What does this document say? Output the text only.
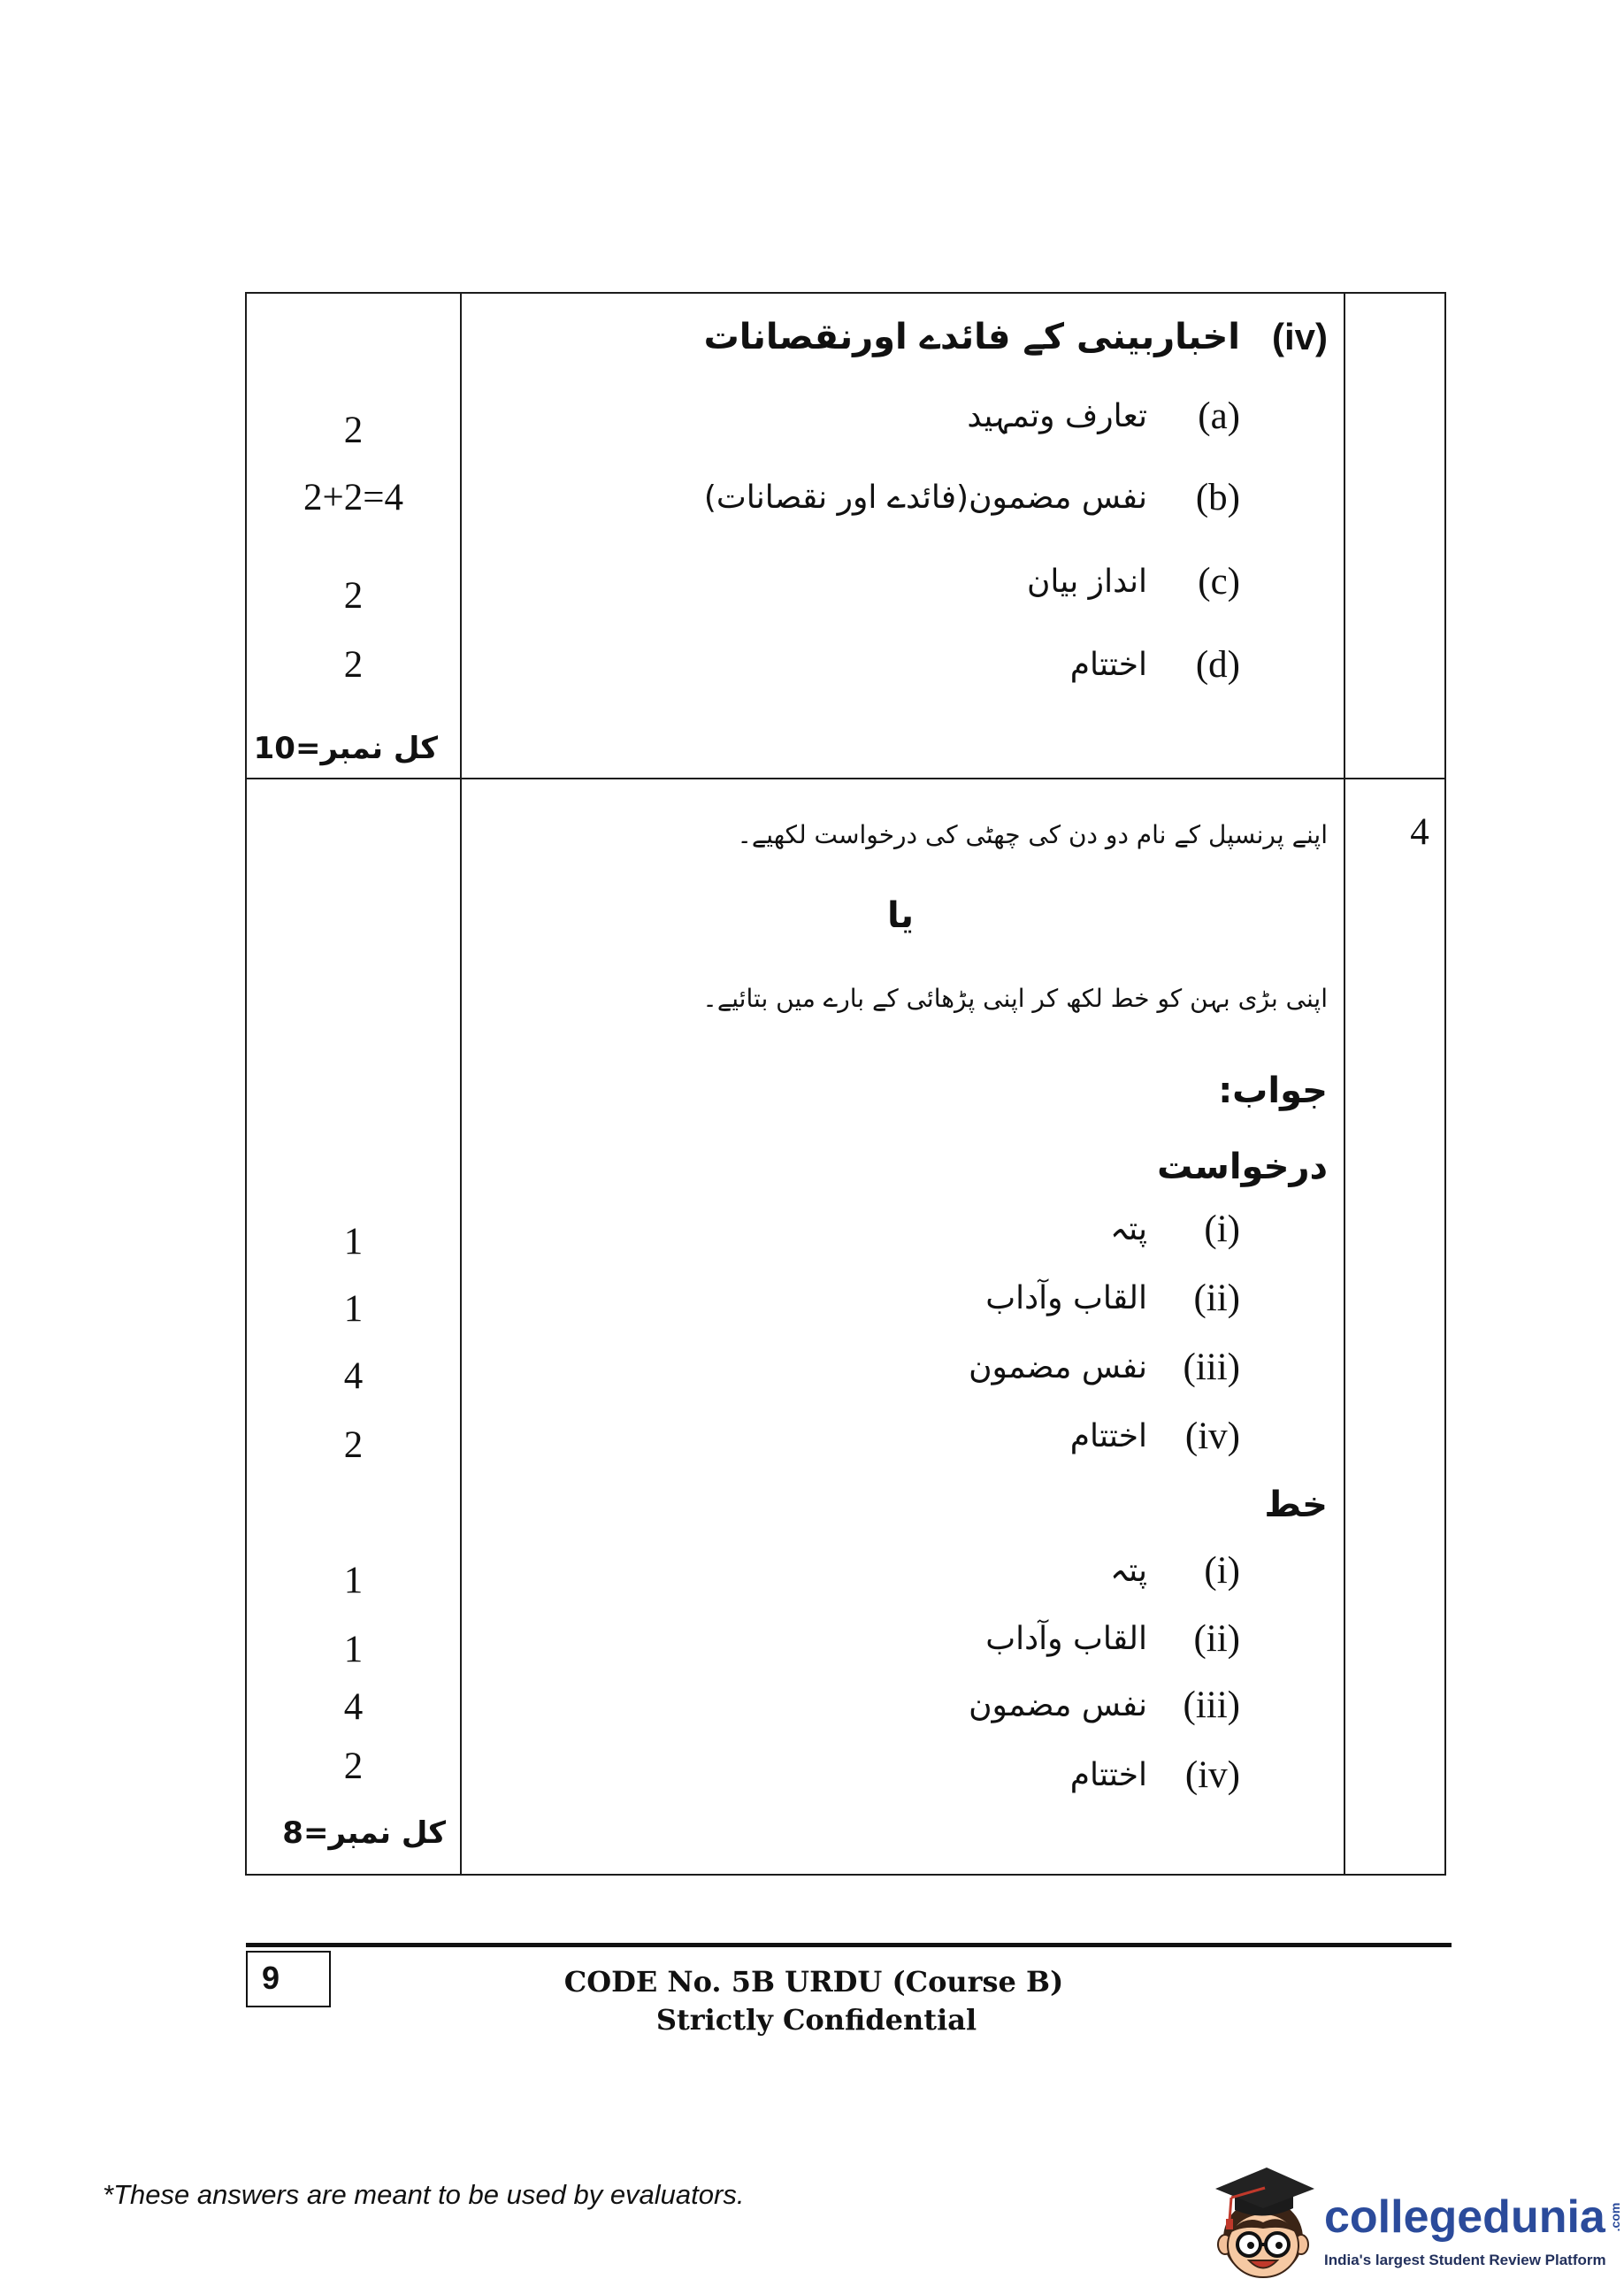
2
2+2=4
2
2
کل نمبر=10
(iv)
اخباربینی کے فائدے اورنقصانات
(a)
تعارف وتمہید
(b)
نفس مضمون(فائدے اور نقصانات)
(c)
انداز بیان
(d)
اختتام
1
1
4
2
1
1
4
2
کل نمبر=8
اپنے پرنسپل کے نام دو دن کی چھٹی کی درخواست لکھیے۔
یا
اپنی بڑی بہن کو خط لکھ کر اپنی پڑھائی کے بارے میں بتائیے۔
جواب:
درخواست
(i)
پتہ
(ii)
القاب وآداب
(iii)
نفس مضمون
(iv)
اختتام
خط
(i)
پتہ
(ii)
القاب وآداب
(iii)
نفس مضمون
(iv)
اختتام
4
9	CODE No. 5B URDU (Course B)
Strictly Confidential
*These answers are meant to be used by evaluators.	collegedunia .com
India's largest Student Review Platform
